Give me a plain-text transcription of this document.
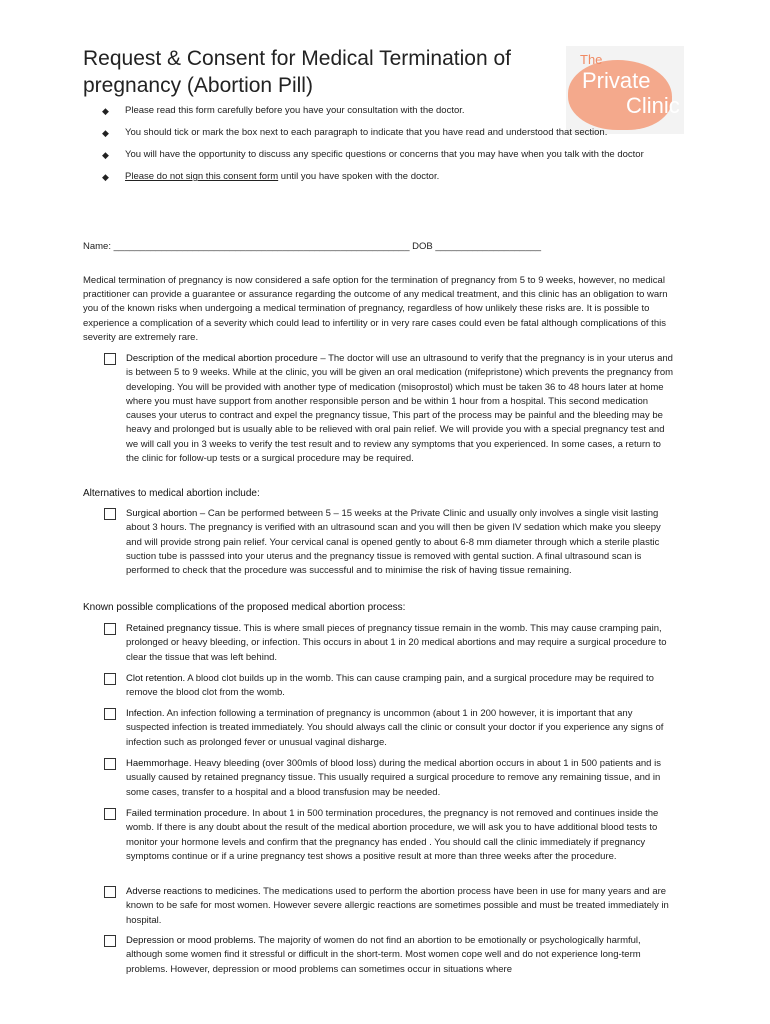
Request & Consent for Medical Termination of
pregnancy (Abortion Pill)
The
Private
Clinic
◆ Please read this form carefully before you have your consultation with the doctor.
◆ You should tick or mark the box next to each paragraph to indicate that you have read and understood that section.
◆ You will have the opportunity to discuss any specific questions or concerns that you may have when you talk with the doctor
◆ Please do not sign this consent form until you have spoken with the doctor.
Name: ________________________________________________________ DOB ____________________
Medical termination of pregnancy is now considered a safe option for the termination of pregnancy from 5 to 9 weeks, however, no medical practitioner can provide a guarantee or assurance regarding the outcome of any medical treatment, and this clinic has an obligation to warn you of the known risks when undergoing a medical termination of pregnancy, regardless of how unlikely these risks are. It is possible to experience a complication of a severity which could lead to infertility or in very rare cases could even be fatal although complications of this severity are extremely rare.
Description of the medical abortion procedure – The doctor will use an ultrasound to verify that the pregnancy is in your uterus and is between 5 to 9 weeks. While at the clinic, you will be given an oral medication (mifepristone) which prevents the pregnancy from developing. You will be provided with another type of medication (misoprostol) which must be taken 36 to 48 hours later at home where you must have support from another responsible person and be within 1 hour from a hospital. This second medication causes your uterus to contract and expel the pregnancy tissue, This part of the process may be painful and the bleeding may be heavy and prolonged but is usually able to be relieved with oral pain relief. We will provide you with a special pregnancy test and we will call you in 3 weeks to verify the test result and to review any symptoms that you experienced. In some cases, a return to the clinic for follow-up tests or a surgical procedure may be required.
Alternatives to medical abortion include:
Surgical abortion – Can be performed between 5 – 15 weeks at the Private Clinic and usually only involves a single visit lasting about 3 hours. The pregnancy is verified with an ultrasound scan and you will then be given IV sedation which make you sleepy and will provide strong pain relief. Your cervical canal is opened gently to about 6-8 mm diameter through which a sterile plastic suction tube is passsed into your uterus and the pregnancy tissue is removed with gental suction. A final ultrasound scan is performed to check that the procedure was successful and to minimise the risk of having tissue remaining.
Known possible complications of the proposed medical abortion process:
Retained pregnancy tissue. This is where small pieces of pregnancy tissue remain in the womb. This may cause cramping pain, prolonged or heavy bleeding, or infection. This occurs in about 1 in 20 medical abortions and may require a surgical procedure to clear the tissue that was left behind.
Clot retention. A blood clot builds up in the womb. This can cause cramping pain, and a surgical procedure may be required to remove the blood clot from the womb.
Infection. An infection following a termination of pregnancy is uncommon (about 1 in 200 however, it is important that any suspected infection is treated immediately. You should always call the clinic or consult your doctor if you experience any signs of infection such as prolonged fever or unusual vaginal disharge.
Haemmorhage. Heavy bleeding (over 300mls of blood loss) during the medical abortion occurs in about 1 in 500 patients and is usually caused by retained pregnancy tissue. This usually required a surgical procedure to remove any remaining tissue, and in some cases, transfer to a hospital and a blood transfusion may be needed.
Failed termination procedure. In about 1 in 500 termination procedures, the pregnancy is not removed and continues inside the womb. If there is any doubt about the result of the medical abortion procedure, we will ask you to have additional blood tests to monitor your hormone levels and confirm that the pregnancy has ended . You should call the clinic immediately if pregnancy symptoms continue or if a urine pregnancy test shows a positive result at more than three weeks after the procedure.
Adverse reactions to medicines. The medications used to perform the abortion process have been in use for many years and are known to be safe for most women. However severe allergic reactions are sometimes possible and must be treated immediately in hospital.
Depression or mood problems. The majority of women do not find an abortion to be emotionally or psychologically harmful, although some women find it stressful or difficult in the short-term. Most women cope well and do not experience long-term problems. However, depression or mood problems can sometimes occur in situations where
